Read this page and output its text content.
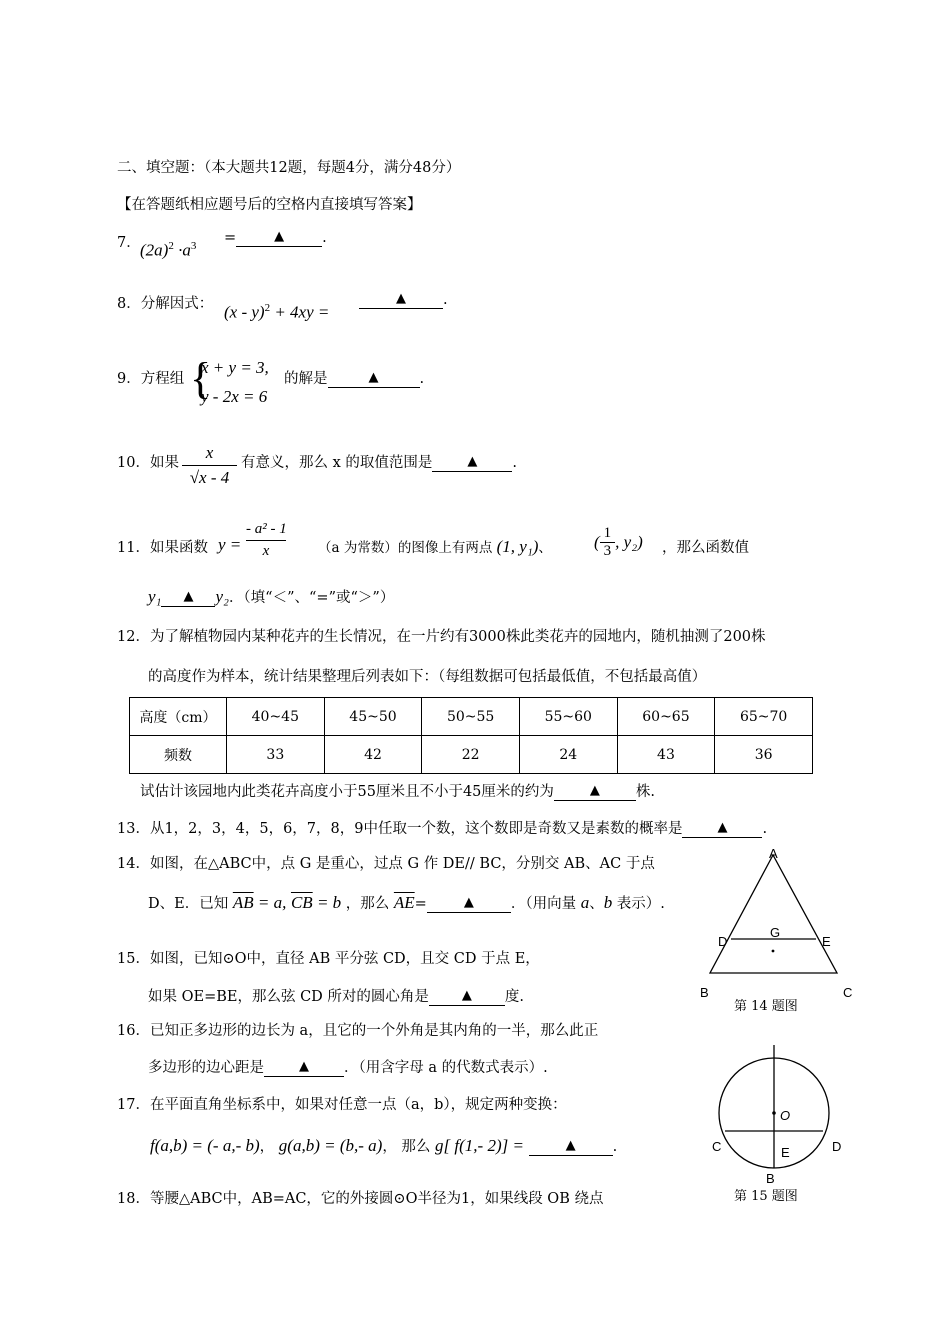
二、填空题：（本大题共12题，每题4分，满分48分）
【在答题纸相应题号后的空格内直接填写答案】
7． $(2a)^2 \cdot a^3$ =	▲	.
8．分解因式： (x - y)$^2$ + 4xy =
▲	.
9．方程组 {
x + y = 3,
y - 2x = 6
的解是	▲	.
10．如果
x
√x - 4
有意义，那么 x 的取值范围是	▲ .
11．如果函数 y =
- a² - 1
x	（a 为常数）的图像上有两点 (1, y₁)、 ( $\frac{1}{3}$ , y₂) ，那么函数值
y₁ ▲ y₂．（填“＜”、“=”或“＞”）
12．为了解植物园内某种花卉的生长情况，在一片约有3000株此类花卉的园地内，随机抽测了200株
的高度作为样本，统计结果整理后列表如下：（每组数据可包括最低值，不包括最高值）
高度（cm）	40~45	45~50	50~55	55~60	60~65	65~70
频数	33	42	22	24	43	36
试估计该园地内此类花卉高度小于55厘米且不小于45厘米的约为	▲ 株.
13．从1，2，3，4，5，6，7，8，9中任取一个数，这个数即是奇数又是素数的概率是	▲ .
14．如图，在△ABC中，点 G 是重心，过点 G 作 DE// BC，分别交 AB、AC 于点
D、E．已知 $\overline{AB} = a$, $\overline{CB} = b$ ，那么 $\overline{AE}=$	▲	．（用向量 a、b 表示）.
15．如图，已知⊙O中，直径 AB 平分弦 CD，且交 CD 于点 E，
如果 OE=BE，那么弦 CD 所对的圆心角是	▲ 度.
16．已知正多边形的边长为 a，且它的一个外角是其内角的一半，那么此正
多边形的边心距是	▲ ．（用含字母 a 的代数式表示）.
17．在平面直角坐标系中，如果对任意一点（a，b），规定两种变换：
f(a,b) = (- a,- b)， g(a,b) = (b,- a)， 那么 g[ f(1,- 2)] =	▲	.
18．等腰△ABC中，AB=AC，它的外接圆⊙O半径为1，如果线段 OB 绕点
A
D
G
E
B	C
第 14 题图
O
C	D
E
B
第 15 题图
